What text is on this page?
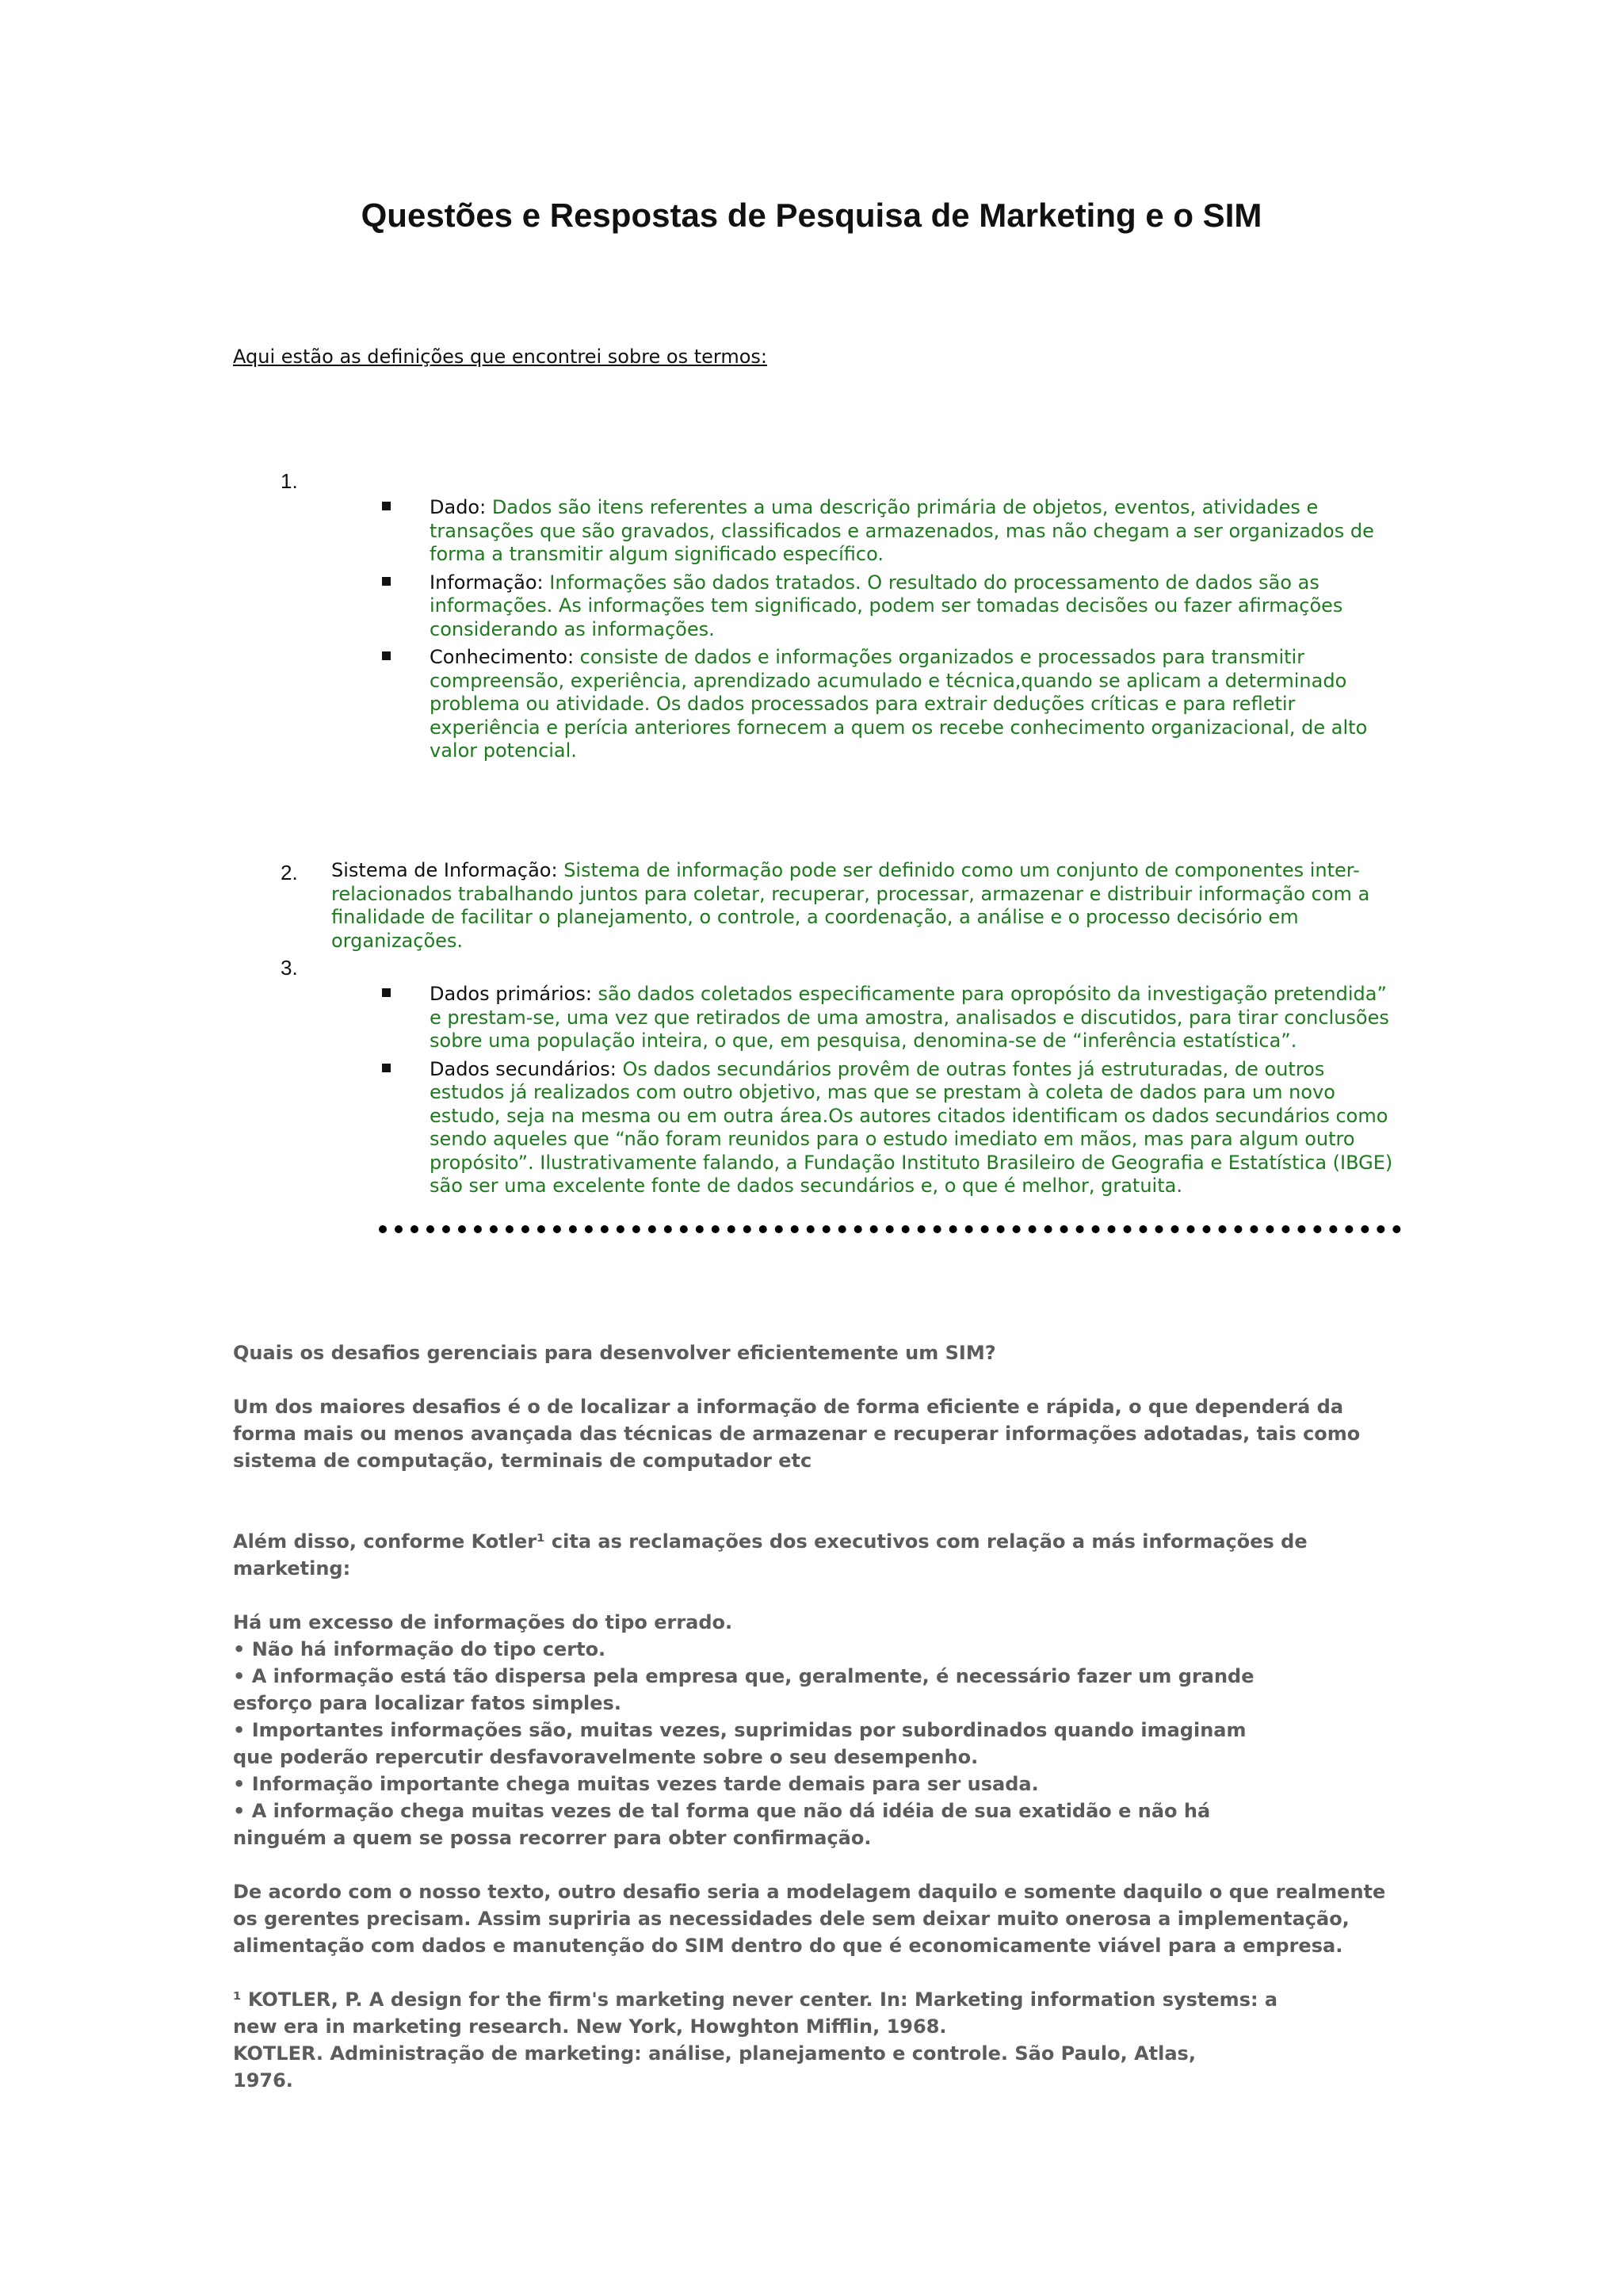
Questões e Respostas de Pesquisa de Marketing e o SIM
Aqui estão as definições que encontrei sobre os termos:
1.
Dado: Dados são itens referentes a uma descrição primária de objetos, eventos, atividades e transações que são gravados, classificados e armazenados, mas não chegam a ser organizados de forma a transmitir algum significado específico.
Informação: Informações são dados tratados. O resultado do processamento de dados são as informações. As informações tem significado, podem ser tomadas decisões ou fazer afirmações considerando as informações.
Conhecimento: consiste de dados e informações organizados e processados para transmitir compreensão, experiência, aprendizado acumulado e técnica,quando se aplicam a determinado problema ou atividade. Os dados processados para extrair deduções críticas e para refletir experiência e perícia anteriores fornecem a quem os recebe conhecimento organizacional, de alto valor potencial.
2. Sistema de Informação: Sistema de informação pode ser definido como um conjunto de componentes inter-relacionados trabalhando juntos para coletar, recuperar, processar, armazenar e distribuir informação com a finalidade de facilitar o planejamento, o controle, a coordenação, a análise e o processo decisório em organizações.
3.
Dados primários: são dados coletados especificamente para opropósito da investigação pretendida” e prestam-se, uma vez que retirados de uma amostra, analisados e discutidos, para tirar conclusões sobre uma população inteira, o que, em pesquisa, denomina-se de “inferência estatística”.
Dados secundários: Os dados secundários provêm de outras fontes já estruturadas, de outros estudos já realizados com outro objetivo, mas que se prestam à coleta de dados para um novo estudo, seja na mesma ou em outra área.Os autores citados identificam os dados secundários como sendo aqueles que “não foram reunidos para o estudo imediato em mãos, mas para algum outro propósito”. Ilustrativamente falando, a Fundação Instituto Brasileiro de Geografia e Estatística (IBGE) são ser uma excelente fonte de dados secundários e, o que é melhor, gratuita.

Quais os desafios gerenciais para desenvolver eficientemente um SIM?

Um dos maiores desafios é o de localizar a informação de forma eficiente e rápida, o que dependerá da forma mais ou menos avançada das técnicas de armazenar e recuperar informações adotadas, tais como sistema de computação, terminais de computador etc

Além disso, conforme Kotler¹ cita as reclamações dos executivos com relação a más informações de marketing:

Há um excesso de informações do tipo errado.

• Não há informação do tipo certo.

• A informação está tão dispersa pela empresa que, geralmente, é necessário fazer um grande

esforço para localizar fatos simples.

• Importantes informações são, muitas vezes, suprimidas por subordinados quando imaginam

que poderão repercutir desfavoravelmente sobre o seu desempenho.

• Informação importante chega muitas vezes tarde demais para ser usada.

• A informação chega muitas vezes de tal forma que não dá idéia de sua exatidão e não há

ninguém a quem se possa recorrer para obter confirmação.

De acordo com o nosso texto, outro desafio seria a modelagem daquilo e somente daquilo o que realmente os gerentes precisam. Assim supriria as necessidades dele sem deixar muito onerosa a implementação, alimentação com dados e manutenção do SIM dentro do que é economicamente viável para a empresa.

¹ KOTLER, P. A design for the firm's marketing never center. In: Marketing information systems: a

new era in marketing research. New York, Howghton Mifflin, 1968.

KOTLER. Administração de marketing: análise, planejamento e controle. São Paulo, Atlas,

1976.
